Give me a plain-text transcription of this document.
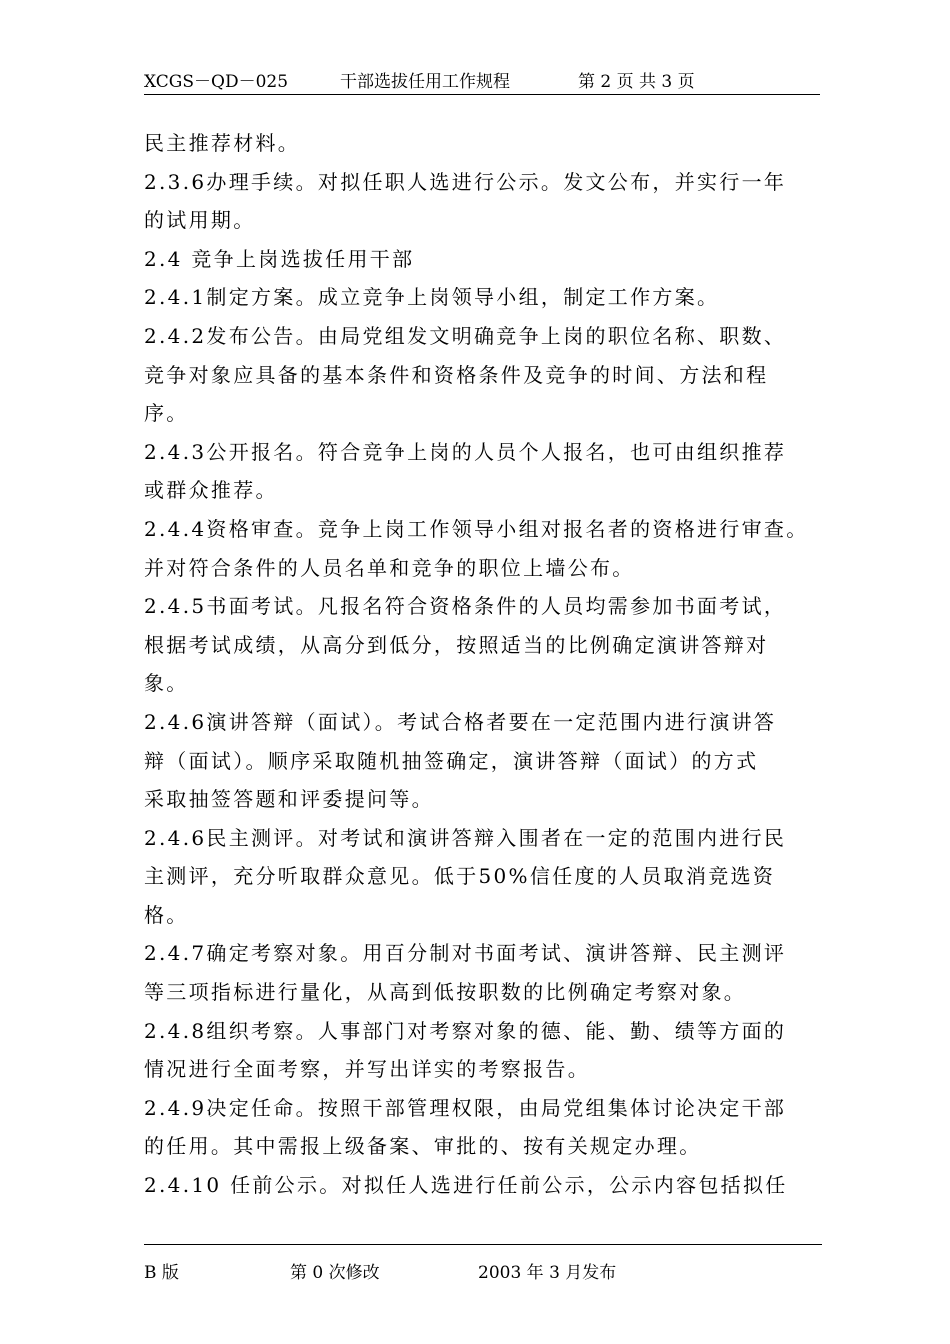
XCGS－QD－025	干部选拔任用工作规程	第 2 页 共 3 页
民主推荐材料。
2.3.6办理手续。对拟任职人选进行公示。发文公布，并实行一年
的试用期。
2.4 竞争上岗选拔任用干部
2.4.1制定方案。成立竞争上岗领导小组，制定工作方案。
2.4.2发布公告。由局党组发文明确竞争上岗的职位名称、职数、
竞争对象应具备的基本条件和资格条件及竞争的时间、方法和程
序。
2.4.3公开报名。符合竞争上岗的人员个人报名，也可由组织推荐
或群众推荐。
2.4.4资格审查。竞争上岗工作领导小组对报名者的资格进行审查。
并对符合条件的人员名单和竞争的职位上墙公布。
2.4.5书面考试。凡报名符合资格条件的人员均需参加书面考试，
根据考试成绩，从高分到低分，按照适当的比例确定演讲答辩对
象。
2.4.6演讲答辩（面试）。考试合格者要在一定范围内进行演讲答
辩（面试）。顺序采取随机抽签确定，演讲答辩（面试）的方式
采取抽签答题和评委提问等。
2.4.6民主测评。对考试和演讲答辩入围者在一定的范围内进行民
主测评，充分听取群众意见。低于50%信任度的人员取消竞选资
格。
2.4.7确定考察对象。用百分制对书面考试、演讲答辩、民主测评
等三项指标进行量化，从高到低按职数的比例确定考察对象。
2.4.8组织考察。人事部门对考察对象的德、能、勤、绩等方面的
情况进行全面考察，并写出详实的考察报告。
2.4.9决定任命。按照干部管理权限，由局党组集体讨论决定干部
的任用。其中需报上级备案、审批的、按有关规定办理。
2.4.10 任前公示。对拟任人选进行任前公示，公示内容包括拟任
B 版	第 0 次修改	2003 年 3 月发布
